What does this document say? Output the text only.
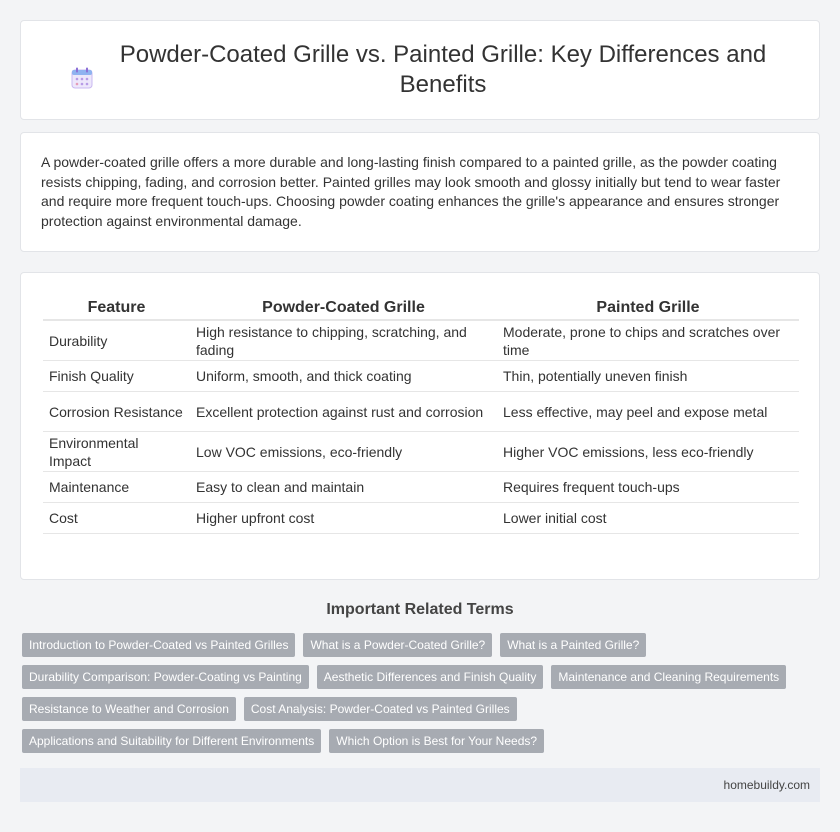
Powder-Coated Grille vs. Painted Grille: Key Differences and Benefits

A powder-coated grille offers a more durable and long-lasting finish compared to a painted grille, as the powder coating resists chipping, fading, and corrosion better. Painted grilles may look smooth and glossy initially but tend to wear faster and require more frequent touch-ups. Choosing powder coating enhances the grille's appearance and ensures stronger protection against environmental damage.

Feature	Powder-Coated Grille	Painted Grille
Durability	High resistance to chipping, scratching, and fading	Moderate, prone to chips and scratches over time
Finish Quality	Uniform, smooth, and thick coating	Thin, potentially uneven finish
Corrosion Resistance	Excellent protection against rust and corrosion	Less effective, may peel and expose metal
Environmental Impact	Low VOC emissions, eco-friendly	Higher VOC emissions, less eco-friendly
Maintenance	Easy to clean and maintain	Requires frequent touch-ups
Cost	Higher upfront cost	Lower initial cost
Important Related Terms
Introduction to Powder-Coated vs Painted Grilles	What is a Powder-Coated Grille?	What is a Painted Grille?
Durability Comparison: Powder-Coating vs Painting	Aesthetic Differences and Finish Quality	Maintenance and Cleaning Requirements
Resistance to Weather and Corrosion	Cost Analysis: Powder-Coated vs Painted Grilles
Applications and Suitability for Different Environments	Which Option is Best for Your Needs?
homebuildy.com
